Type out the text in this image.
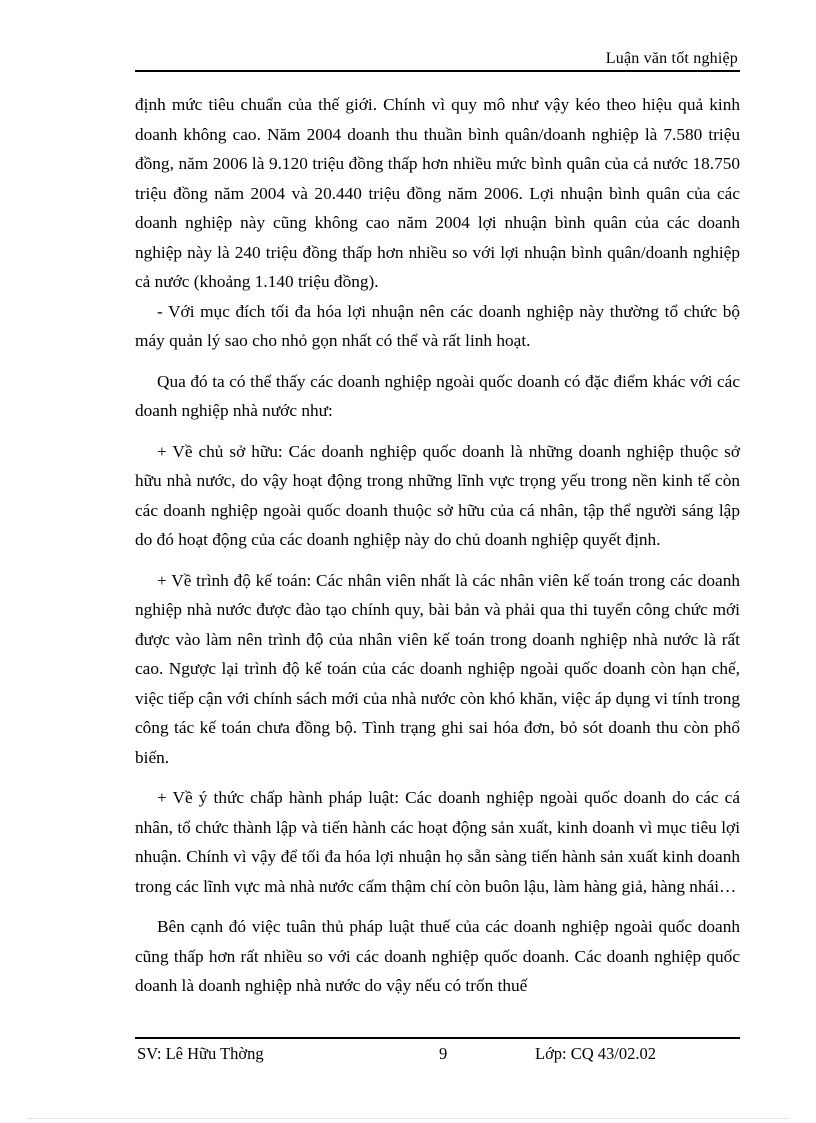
Luận văn tốt nghiệp

định mức tiêu chuẩn của thế giới. Chính vì quy mô như vậy kéo theo hiệu quả kinh doanh không cao. Năm 2004 doanh thu thuần bình quân/doanh nghiệp là 7.580 triệu đồng, năm 2006 là 9.120 triệu đồng thấp hơn nhiều mức bình quân của cả nước 18.750 triệu đồng năm 2004 và 20.440 triệu đồng năm 2006. Lợi nhuận bình quân của các doanh nghiệp này cũng không cao năm 2004 lợi nhuận bình quân của các doanh nghiệp này là 240 triệu đồng thấp hơn nhiều so với lợi nhuận bình quân/doanh nghiệp cả nước (khoảng 1.140 triệu đồng).

- Với mục đích tối đa hóa lợi nhuận nên các doanh nghiệp này thường tổ chức bộ máy quản lý sao cho nhỏ gọn nhất có thể và rất linh hoạt.

Qua đó ta có thể thấy các doanh nghiệp ngoài quốc doanh có đặc điểm khác với các doanh nghiệp nhà nước như:

+ Về chủ sở hữu: Các doanh nghiệp quốc doanh là những doanh nghiệp thuộc sở hữu nhà nước, do vậy hoạt động trong những lĩnh vực trọng yếu trong nền kinh tế còn các doanh nghiệp ngoài quốc doanh thuộc sở hữu của cá nhân, tập thể người sáng lập do đó hoạt động của các doanh nghiệp này do chủ doanh nghiệp quyết định.

+ Về trình độ kế toán: Các nhân viên nhất là các nhân viên kế toán trong các doanh nghiệp nhà nước được đào tạo chính quy, bài bản và phải qua thi tuyển công chức mới được vào làm nên trình độ của nhân viên kế toán trong doanh nghiệp nhà nước là rất cao. Ngược lại trình độ kế toán của các doanh nghiệp ngoài quốc doanh còn hạn chế, việc tiếp cận với chính sách mới của nhà nước còn khó khăn, việc áp dụng vi tính trong công tác kế toán chưa đồng bộ. Tình trạng ghi sai hóa đơn, bỏ sót doanh thu còn phổ biến.

+ Về ý thức chấp hành pháp luật: Các doanh nghiệp ngoài quốc doanh do các cá nhân, tổ chức thành lập và tiến hành các hoạt động sản xuất, kinh doanh vì mục tiêu lợi nhuận. Chính vì vậy để tối đa hóa lợi nhuận họ sẵn sàng tiến hành sản xuất kinh doanh trong các lĩnh vực mà nhà nước cấm thậm chí còn buôn lậu, làm hàng giả, hàng nhái…

Bên cạnh đó việc tuân thủ pháp luật thuế của các doanh nghiệp ngoài quốc doanh cũng thấp hơn rất nhiều so với các doanh nghiệp quốc doanh. Các doanh nghiệp quốc doanh là doanh nghiệp nhà nước do vậy nếu có trốn thuế

SV: Lê Hữu Thờng	9	Lớp: CQ 43/02.02
